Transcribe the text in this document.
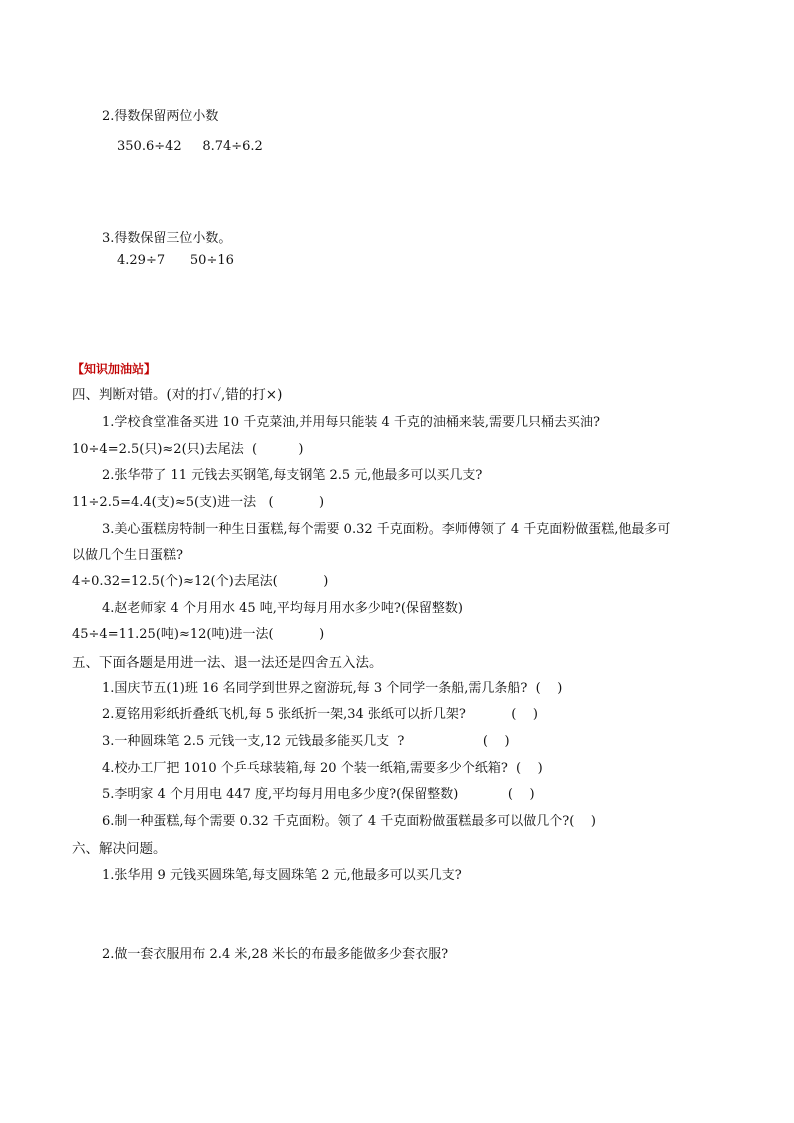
2.得数保留两位小数
350.6÷42     8.74÷6.2
3.得数保留三位小数。
4.29÷7      50÷16
【知识加油站】
四、判断对错。(对的打✓,错的打×)
1.学校食堂准备买进 10 千克菜油,并用每只能装 4 千克的油桶来装,需要几只桶去买油?
10÷4=2.5(只)≈2(只)去尾法  (          )
2.张华带了 11 元钱去买钢笔,每支钢笔 2.5 元,他最多可以买几支?
11÷2.5=4.4(支)≈5(支)进一法   (           )
3.美心蛋糕房特制一种生日蛋糕,每个需要 0.32 千克面粉。李师傅领了 4 千克面粉做蛋糕,他最多可
以做几个生日蛋糕?
4÷0.32=12.5(个)≈12(个)去尾法(           )
4.赵老师家 4 个月用水 45 吨,平均每月用水多少吨?(保留整数)
45÷4=11.25(吨)≈12(吨)进一法(           )
五、下面各题是用进一法、退一法还是四舍五入法。
1.国庆节五(1)班 16 名同学到世界之窗游玩,每 3 个同学一条船,需几条船?  (    )
2.夏铭用彩纸折叠纸飞机,每 5 张纸折一架,34 张纸可以折几架?           (    )
3.一种圆珠笔 2.5 元钱一支,12 元钱最多能买几支  ?                   (    )
4.校办工厂把 1010 个乒乓球装箱,每 20 个装一纸箱,需要多少个纸箱?  (    )
5.李明家 4 个月用电 447 度,平均每月用电多少度?(保留整数)            (    )
6.制一种蛋糕,每个需要 0.32 千克面粉。领了 4 千克面粉做蛋糕最多可以做几个?(    )
六、解决问题。
1.张华用 9 元钱买圆珠笔,每支圆珠笔 2 元,他最多可以买几支?
2.做一套衣服用布 2.4 米,28 米长的布最多能做多少套衣服?
